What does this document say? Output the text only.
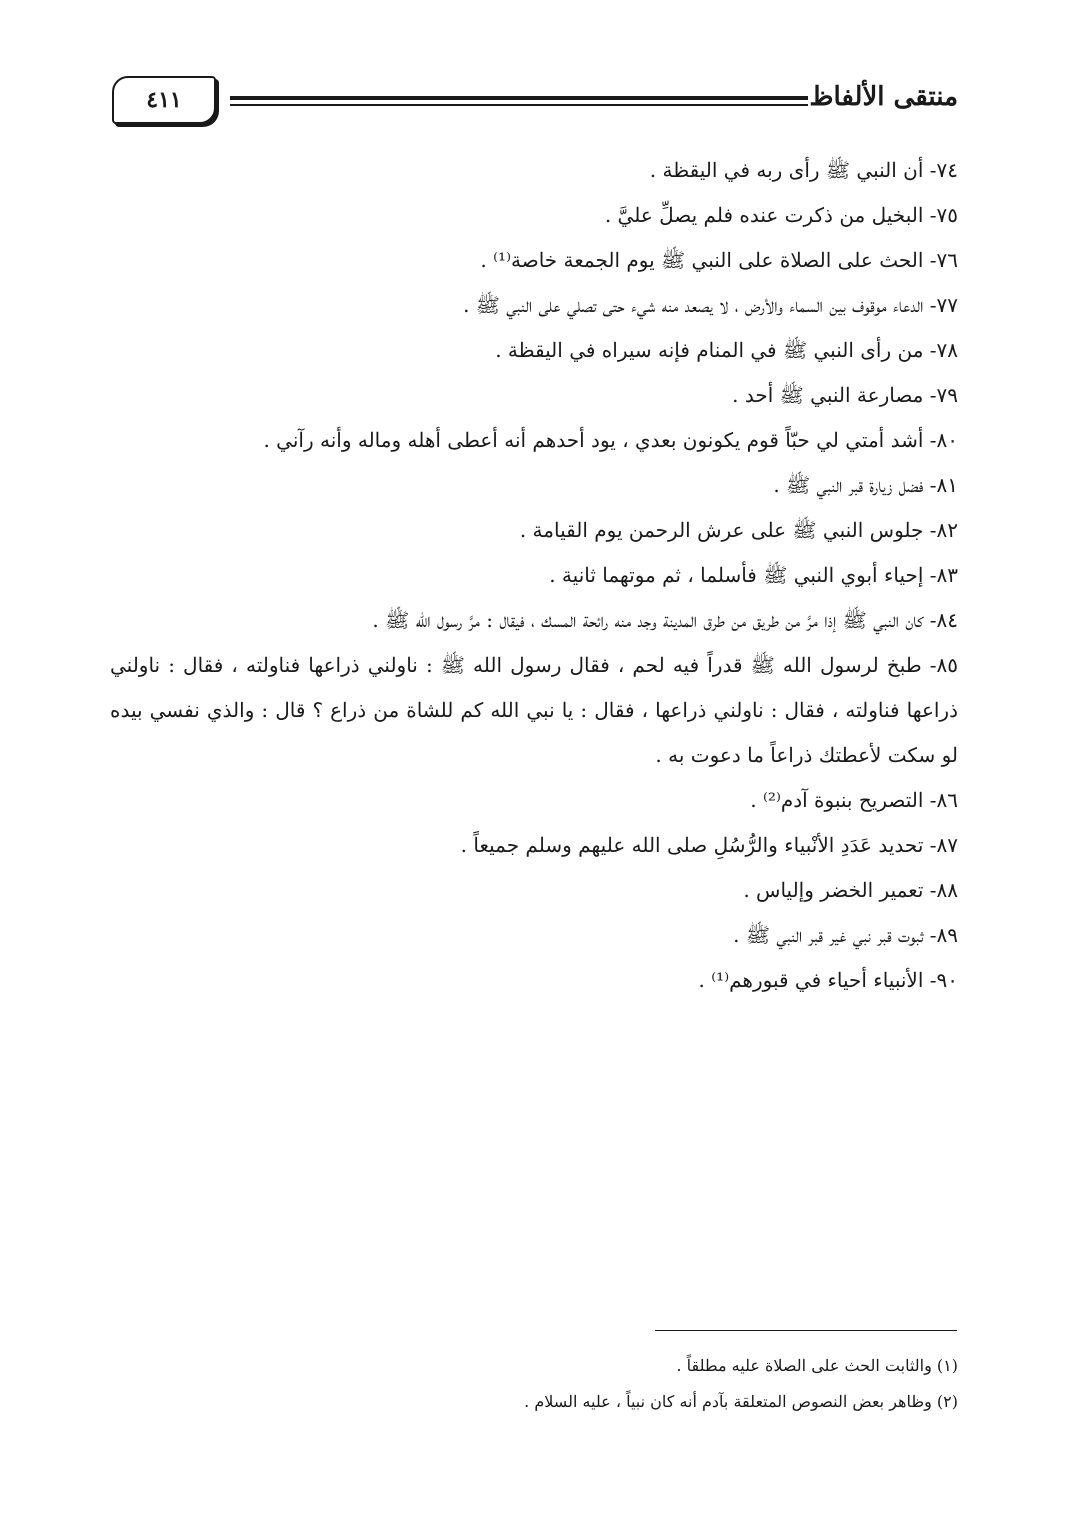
منتقى الألفاظ
٤١١

٧٤- أن النبي ﷺ رأى ربه في اليقظة .

٧٥- البخيل من ذكرت عنده فلم يصلِّ عليَّ .

٧٦- الحث على الصلاة على النبي ﷺ يوم الجمعة خاصة⁽¹⁾ .

٧٧- الدعاء موقوف بين السماء والأرض ، لا يصعد منه شيء حتى تصلي على النبي ﷺ .

٧٨- من رأى النبي ﷺ في المنام فإنه سيراه في اليقظة .

٧٩- مصارعة النبي ﷺ أحد .

٨٠- أشد أمتي لي حبّاً قوم يكونون بعدي ، يود أحدهم أنه أعطى أهله وماله وأنه رآني .

٨١- فضل زيارة قبر النبي ﷺ .

٨٢- جلوس النبي ﷺ على عرش الرحمن يوم القيامة .

٨٣- إحياء أبوي النبي ﷺ فأسلما ، ثم موتهما ثانية .

٨٤- كان النبي ﷺ إذا مرَّ من طريق من طرق المدينة وجد منه رائحة المسك ، فيقال : مرَّ رسول الله ﷺ .

٨٥- طبخ لرسول الله ﷺ قدراً فيه لحم ، فقال رسول الله ﷺ : ناولني ذراعها فناولته ، فقال : ناولني ذراعها فناولته ، فقال : ناولني ذراعها ، فقال : يا نبي الله كم للشاة من ذراع ؟ قال : والذي نفسي بيده لو سكت لأعطتك ذراعاً ما دعوت به .

٨٦- التصريح بنبوة آدم⁽²⁾ .

٨٧- تحديد عَدَدِ الأنْبياء والرُّسُلِ صلى الله عليهم وسلم جميعاً .

٨٨- تعمير الخضر وإلياس .

٨٩- ثبوت قبر نبي غير قبر النبي ﷺ .

٩٠- الأنبياء أحياء في قبورهم⁽¹⁾ .

(١) والثابت الحث على الصلاة عليه مطلقاً .

(٢) وظاهر بعض النصوص المتعلقة بآدم أنه كان نبياً ، عليه السلام .
